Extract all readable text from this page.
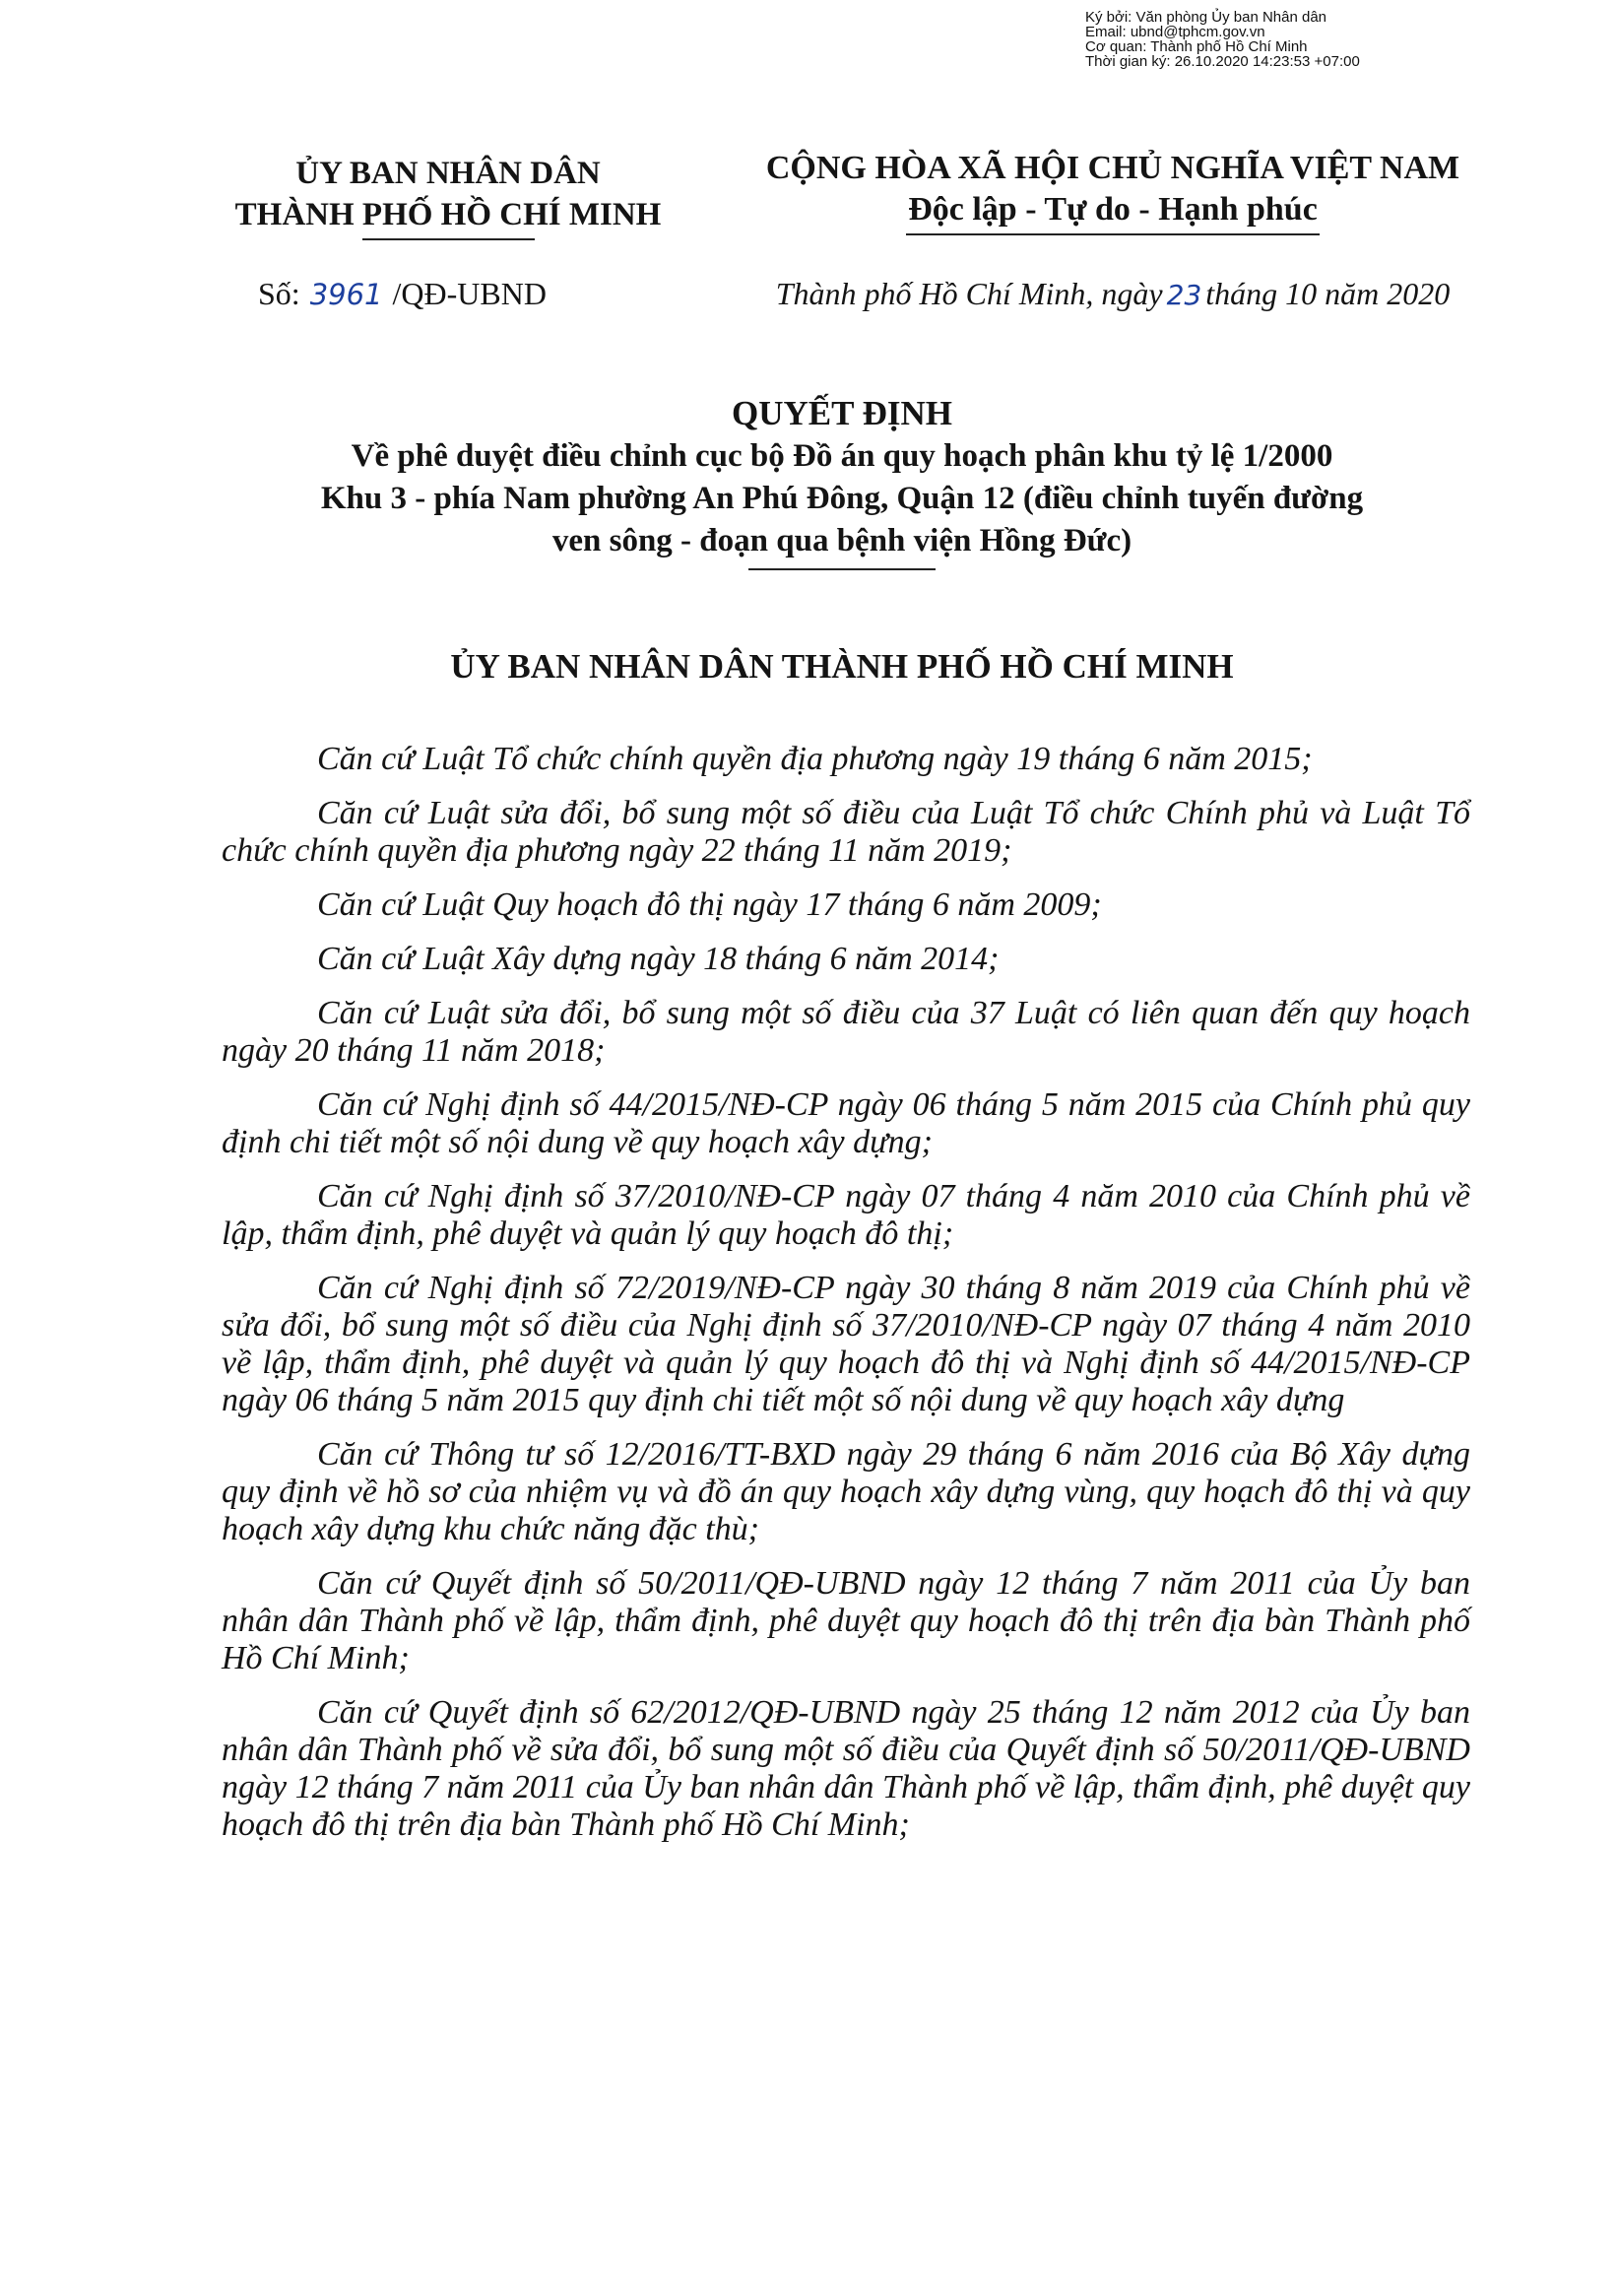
Ký bởi: Văn phòng Ủy ban Nhân dân
Email: ubnd@tphcm.gov.vn
Cơ quan: Thành phố Hồ Chí Minh
Thời gian ký: 26.10.2020 14:23:53 +07:00
ỦY BAN NHÂN DÂN
THÀNH PHỐ HỒ CHÍ MINH
CỘNG HÒA XÃ HỘI CHỦ NGHĨA VIỆT NAM
Độc lập - Tự do - Hạnh phúc
Số: 3961 /QĐ-UBND	Thành phố Hồ Chí Minh, ngày 23 tháng 10 năm 2020
QUYẾT ĐỊNH
Về phê duyệt điều chỉnh cục bộ Đồ án quy hoạch phân khu tỷ lệ 1/2000
Khu 3 - phía Nam phường An Phú Đông, Quận 12 (điều chỉnh tuyến đường
ven sông - đoạn qua bệnh viện Hồng Đức)
ỦY BAN NHÂN DÂN THÀNH PHỐ HỒ CHÍ MINH

Căn cứ Luật Tổ chức chính quyền địa phương ngày 19 tháng 6 năm 2015;

Căn cứ Luật sửa đổi, bổ sung một số điều của Luật Tổ chức Chính phủ và Luật Tổ chức chính quyền địa phương ngày 22 tháng 11 năm 2019;

Căn cứ Luật Quy hoạch đô thị ngày 17 tháng 6 năm 2009;

Căn cứ Luật Xây dựng ngày 18 tháng 6 năm 2014;

Căn cứ Luật sửa đổi, bổ sung một số điều của 37 Luật có liên quan đến quy hoạch ngày 20 tháng 11 năm 2018;

Căn cứ Nghị định số 44/2015/NĐ-CP ngày 06 tháng 5 năm 2015 của Chính phủ quy định chi tiết một số nội dung về quy hoạch xây dựng;

Căn cứ Nghị định số 37/2010/NĐ-CP ngày 07 tháng 4 năm 2010 của Chính phủ về lập, thẩm định, phê duyệt và quản lý quy hoạch đô thị;

Căn cứ Nghị định số 72/2019/NĐ-CP ngày 30 tháng 8 năm 2019 của Chính phủ về sửa đổi, bổ sung một số điều của Nghị định số 37/2010/NĐ-CP ngày 07 tháng 4 năm 2010 về lập, thẩm định, phê duyệt và quản lý quy hoạch đô thị và Nghị định số 44/2015/NĐ-CP ngày 06 tháng 5 năm 2015 quy định chi tiết một số nội dung về quy hoạch xây dựng

Căn cứ Thông tư số 12/2016/TT-BXD ngày 29 tháng 6 năm 2016 của Bộ Xây dựng quy định về hồ sơ của nhiệm vụ và đồ án quy hoạch xây dựng vùng, quy hoạch đô thị và quy hoạch xây dựng khu chức năng đặc thù;

Căn cứ Quyết định số 50/2011/QĐ-UBND ngày 12 tháng 7 năm 2011 của Ủy ban nhân dân Thành phố về lập, thẩm định, phê duyệt quy hoạch đô thị trên địa bàn Thành phố Hồ Chí Minh;

Căn cứ Quyết định số 62/2012/QĐ-UBND ngày 25 tháng 12 năm 2012 của Ủy ban nhân dân Thành phố về sửa đổi, bổ sung một số điều của Quyết định số 50/2011/QĐ-UBND ngày 12 tháng 7 năm 2011 của Ủy ban nhân dân Thành phố về lập, thẩm định, phê duyệt quy hoạch đô thị trên địa bàn Thành phố Hồ Chí Minh;
